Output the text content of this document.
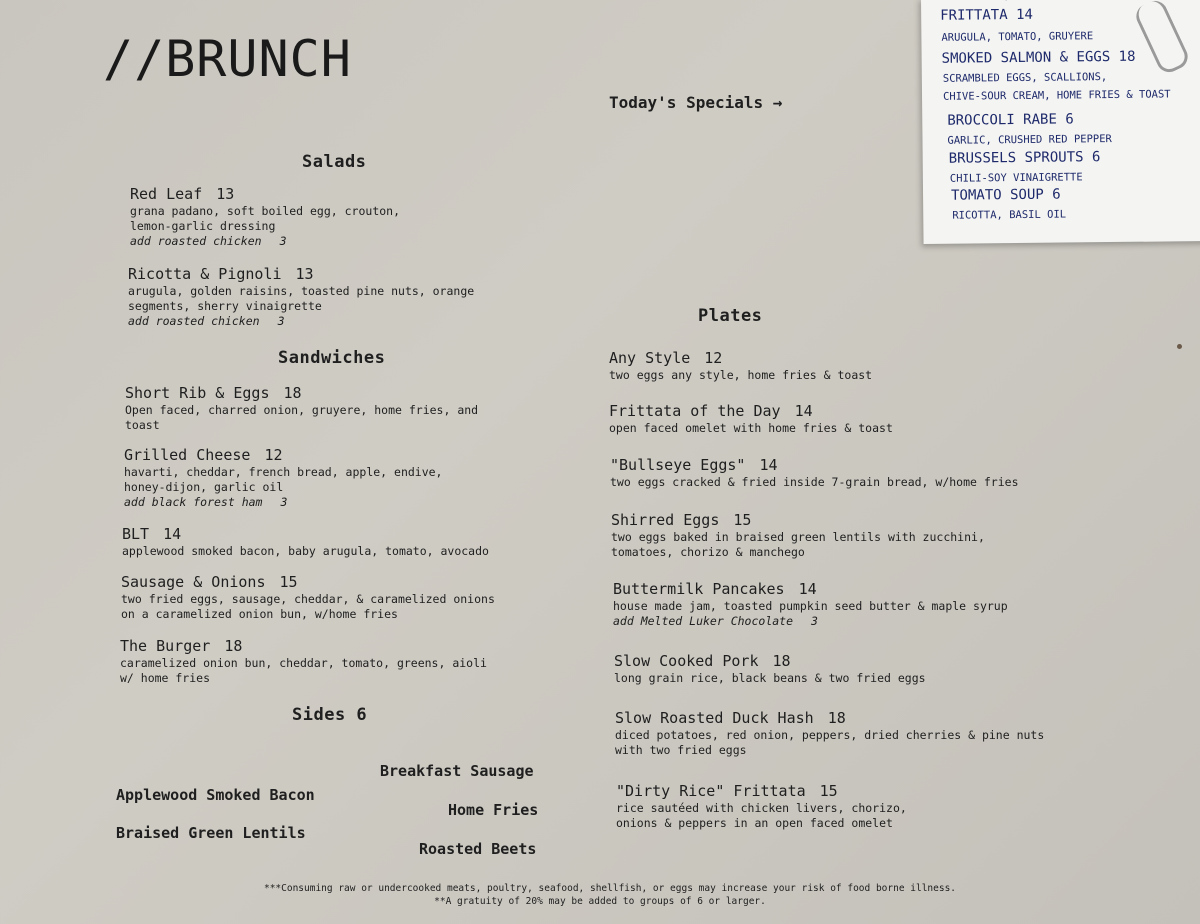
//BRUNCH
Today's Specials →
Salads

Red Leaf 13

grana padano, soft boiled egg, crouton,

lemon-garlic dressing

add roasted chicken 3

Ricotta & Pignoli 13

arugula, golden raisins, toasted pine nuts, orange

segments, sherry vinaigrette

add roasted chicken 3

Sandwiches

Short Rib & Eggs 18

Open faced, charred onion, gruyere, home fries, and

toast

Grilled Cheese 12

havarti, cheddar, french bread, apple, endive,

honey-dijon, garlic oil

add black forest ham 3

BLT 14

applewood smoked bacon, baby arugula, tomato, avocado

Sausage & Onions 15

two fried eggs, sausage, cheddar, & caramelized onions

on a caramelized onion bun, w/home fries

The Burger 18

caramelized onion bun, cheddar, tomato, greens, aioli

w/ home fries

Sides 6
Breakfast Sausage
Applewood Smoked Bacon
Home Fries
Braised Green Lentils
Roasted Beets
Plates

Any Style 12

two eggs any style, home fries & toast

Frittata of the Day 14

open faced omelet with home fries & toast

"Bullseye Eggs" 14

two eggs cracked & fried inside 7-grain bread, w/home fries

Shirred Eggs 15

two eggs baked in braised green lentils with zucchini,

tomatoes, chorizo & manchego

Buttermilk Pancakes 14

house made jam, toasted pumpkin seed butter & maple syrup

add Melted Luker Chocolate 3

Slow Cooked Pork 18

long grain rice, black beans & two fried eggs

Slow Roasted Duck Hash 18

diced potatoes, red onion, peppers, dried cherries & pine nuts

with two fried eggs

"Dirty Rice" Frittata 15

rice sautéed with chicken livers, chorizo,

onions & peppers in an open faced omelet

***Consuming raw or undercooked meats, poultry, seafood, shellfish, or eggs may increase your risk of food borne illness.
**A gratuity of 20% may be added to groups of 6 or larger.
FRITTATA 14
ARUGULA, TOMATO, GRUYERE
SMOKED SALMON & EGGS 18
SCRAMBLED EGGS, SCALLIONS,
CHIVE-SOUR CREAM, HOME FRIES & TOAST
BROCCOLI RABE 6
GARLIC, CRUSHED RED PEPPER
BRUSSELS SPROUTS 6
CHILI-SOY VINAIGRETTE
TOMATO SOUP 6
RICOTTA, BASIL OIL
